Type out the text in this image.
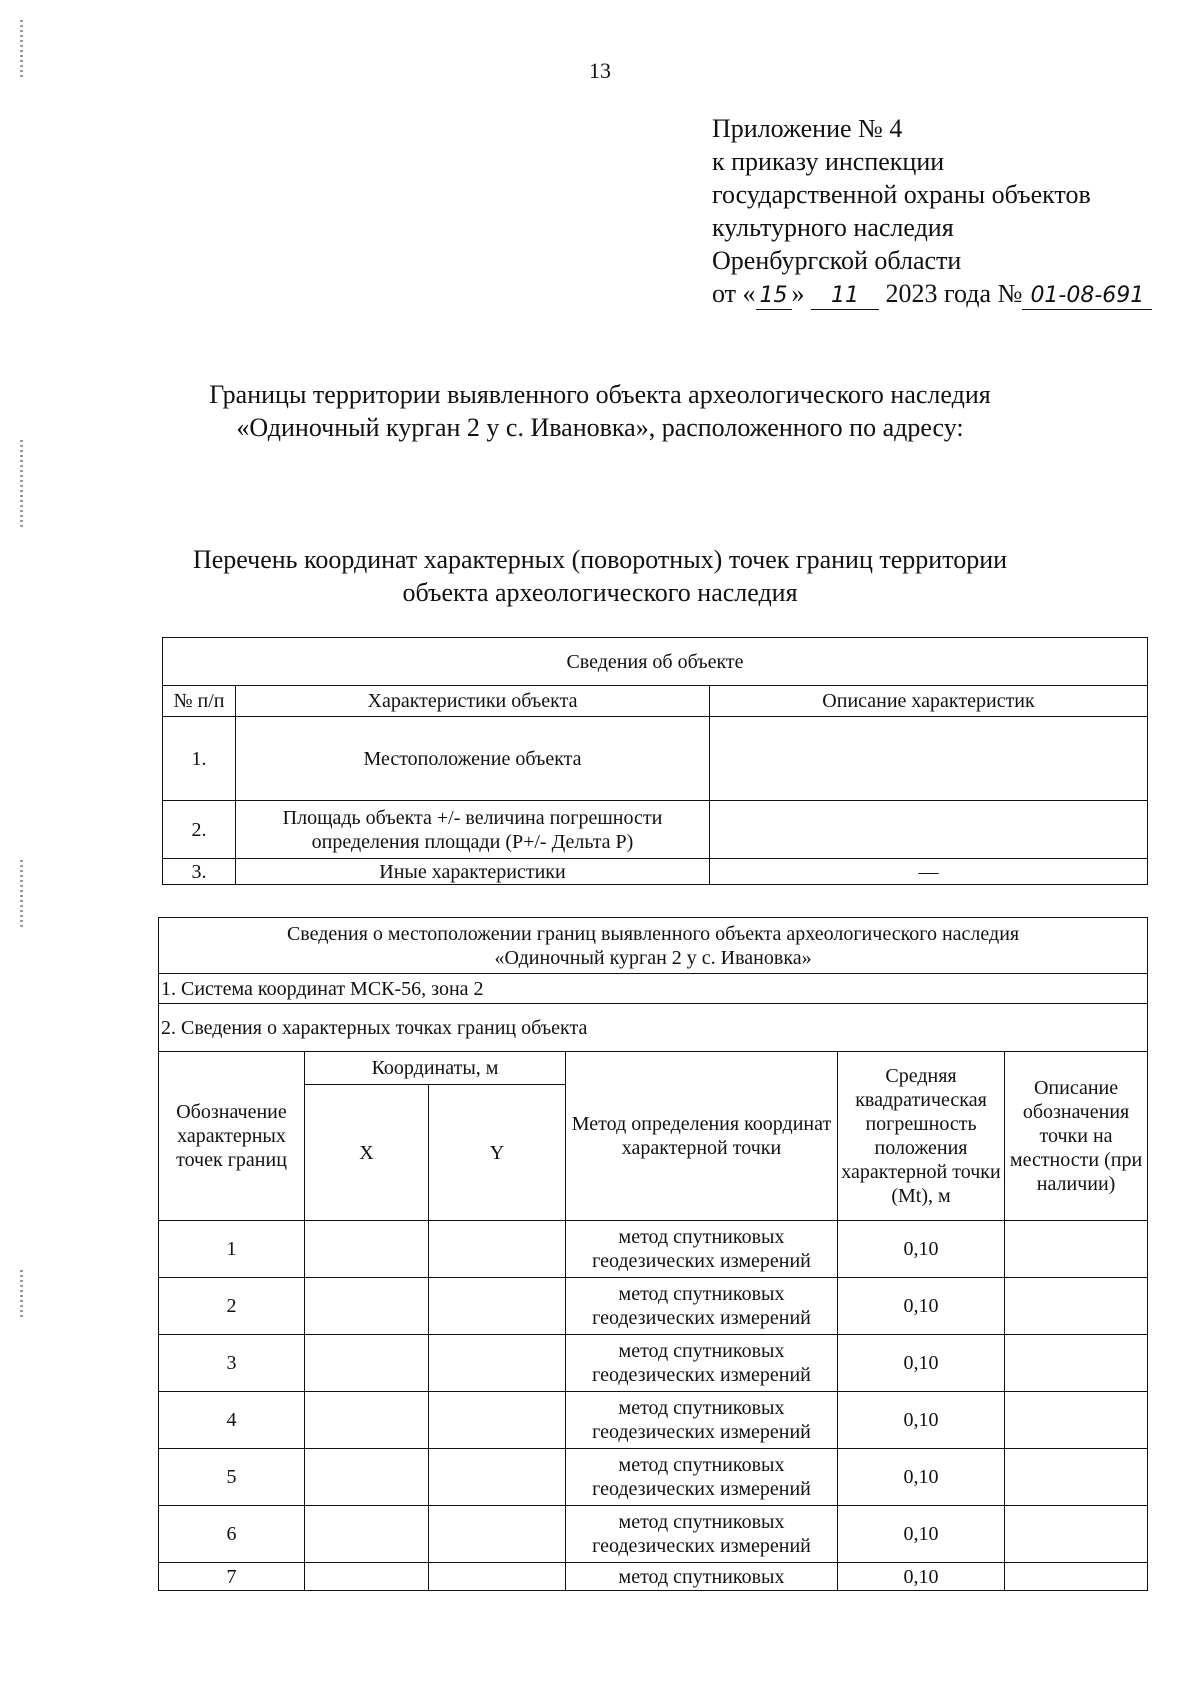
13
Приложение № 4
к приказу инспекции
государственной охраны объектов
культурного наследия
Оренбургской области
от « 15 » 11 2023 года № 01-08-691
Границы территории выявленного объекта археологического наследия
«Одиночный курган 2 у с. Ивановка», расположенного по адресу:
Перечень координат характерных (поворотных) точек границ территории
объекта археологического наследия
Сведения об объекте		
№ п/п	Характеристики объекта	Описание характеристик
1.	Местоположение объекта	
2.	Площадь объекта +/- величина погрешности определения площади (Р+/- Дельта Р)	
3.	Иные характеристики	—
Сведения о местоположении границ выявленного объекта археологического наследия
«Одиночный курган 2 у с. Ивановка»					

1. Система координат МСК-56, зона 2					
2. Сведения о характерных точках границ объекта					
Обозначение характерных точек границ	Координаты, м		Метод определения координат характерной точки	Средняя квадратическая погрешность положения характерной точки (Mt), м	Описание обозначения точки на местности (при наличии)
	X	Y			
1			метод спутниковых геодезических измерений	0,10	
2			метод спутниковых геодезических измерений	0,10	
3			метод спутниковых геодезических измерений	0,10	
4			метод спутниковых геодезических измерений	0,10	
5			метод спутниковых геодезических измерений	0,10	
6			метод спутниковых геодезических измерений	0,10	
7			метод спутниковых	0,10	
